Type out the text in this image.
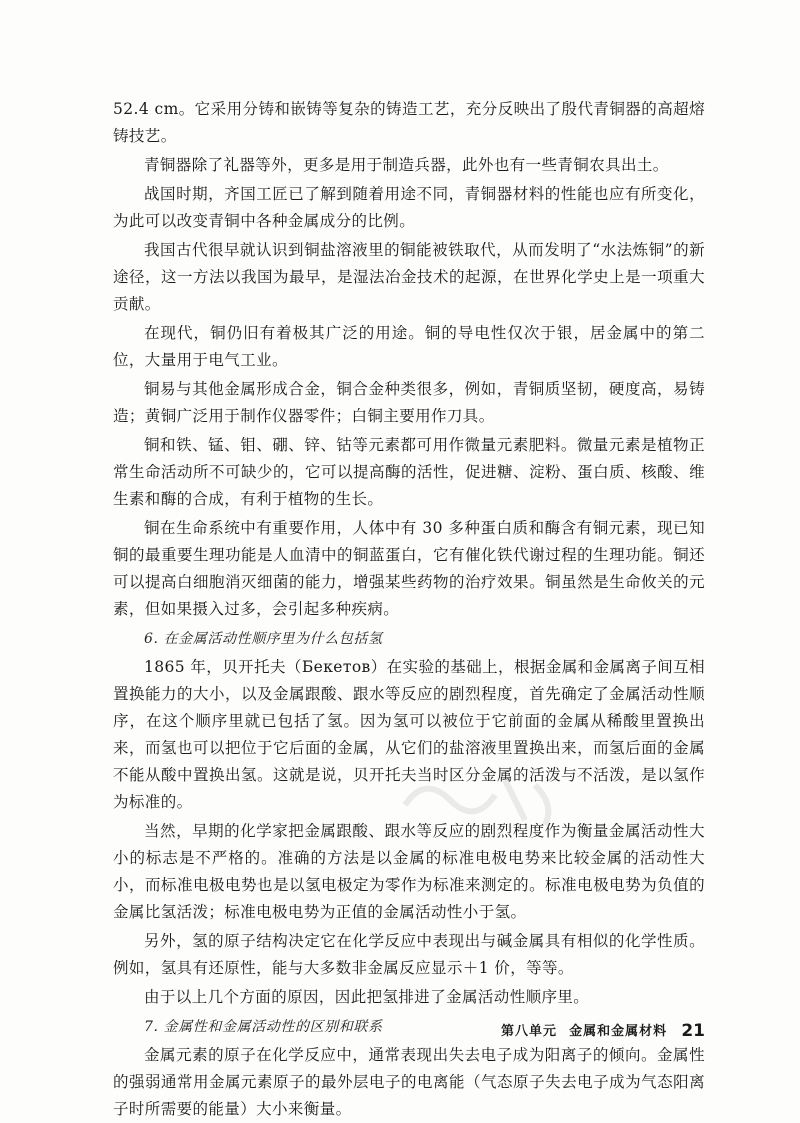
52.4 cm。它采用分铸和嵌铸等复杂的铸造工艺，充分反映出了殷代青铜器的高超熔铸技艺。

青铜器除了礼器等外，更多是用于制造兵器，此外也有一些青铜农具出土。

战国时期，齐国工匠已了解到随着用途不同，青铜器材料的性能也应有所变化，为此可以改变青铜中各种金属成分的比例。

我国古代很早就认识到铜盐溶液里的铜能被铁取代，从而发明了“水法炼铜”的新途径，这一方法以我国为最早，是湿法冶金技术的起源，在世界化学史上是一项重大贡献。

在现代，铜仍旧有着极其广泛的用途。铜的导电性仅次于银，居金属中的第二位，大量用于电气工业。

铜易与其他金属形成合金，铜合金种类很多，例如，青铜质坚韧，硬度高，易铸造；黄铜广泛用于制作仪器零件；白铜主要用作刀具。

铜和铁、锰、钼、硼、锌、钴等元素都可用作微量元素肥料。微量元素是植物正常生命活动所不可缺少的，它可以提高酶的活性，促进糖、淀粉、蛋白质、核酸、维生素和酶的合成，有利于植物的生长。

铜在生命系统中有重要作用，人体中有 30 多种蛋白质和酶含有铜元素，现已知铜的最重要生理功能是人血清中的铜蓝蛋白，它有催化铁代谢过程的生理功能。铜还可以提高白细胞消灭细菌的能力，增强某些药物的治疗效果。铜虽然是生命攸关的元素，但如果摄入过多，会引起多种疾病。

6. 在金属活动性顺序里为什么包括氢

1865 年，贝开托夫（Бекетов）在实验的基础上，根据金属和金属离子间互相置换能力的大小，以及金属跟酸、跟水等反应的剧烈程度，首先确定了金属活动性顺序，在这个顺序里就已包括了氢。因为氢可以被位于它前面的金属从稀酸里置换出来，而氢也可以把位于它后面的金属，从它们的盐溶液里置换出来，而氢后面的金属不能从酸中置换出氢。这就是说，贝开托夫当时区分金属的活泼与不活泼，是以氢作为标准的。

当然，早期的化学家把金属跟酸、跟水等反应的剧烈程度作为衡量金属活动性大小的标志是不严格的。准确的方法是以金属的标准电极电势来比较金属的活动性大小，而标准电极电势也是以氢电极定为零作为标准来测定的。标准电极电势为负值的金属比氢活泼；标准电极电势为正值的金属活动性小于氢。

另外，氢的原子结构决定它在化学反应中表现出与碱金属具有相似的化学性质。例如，氢具有还原性，能与大多数非金属反应显示＋1 价，等等。

由于以上几个方面的原因，因此把氢排进了金属活动性顺序里。

7. 金属性和金属活动性的区别和联系

金属元素的原子在化学反应中，通常表现出失去电子成为阳离子的倾向。金属性的强弱通常用金属元素原子的最外层电子的电离能（气态原子失去电子成为气态阳离子时所需要的能量）大小来衡量。

第八单元 金属和金属材料 21
